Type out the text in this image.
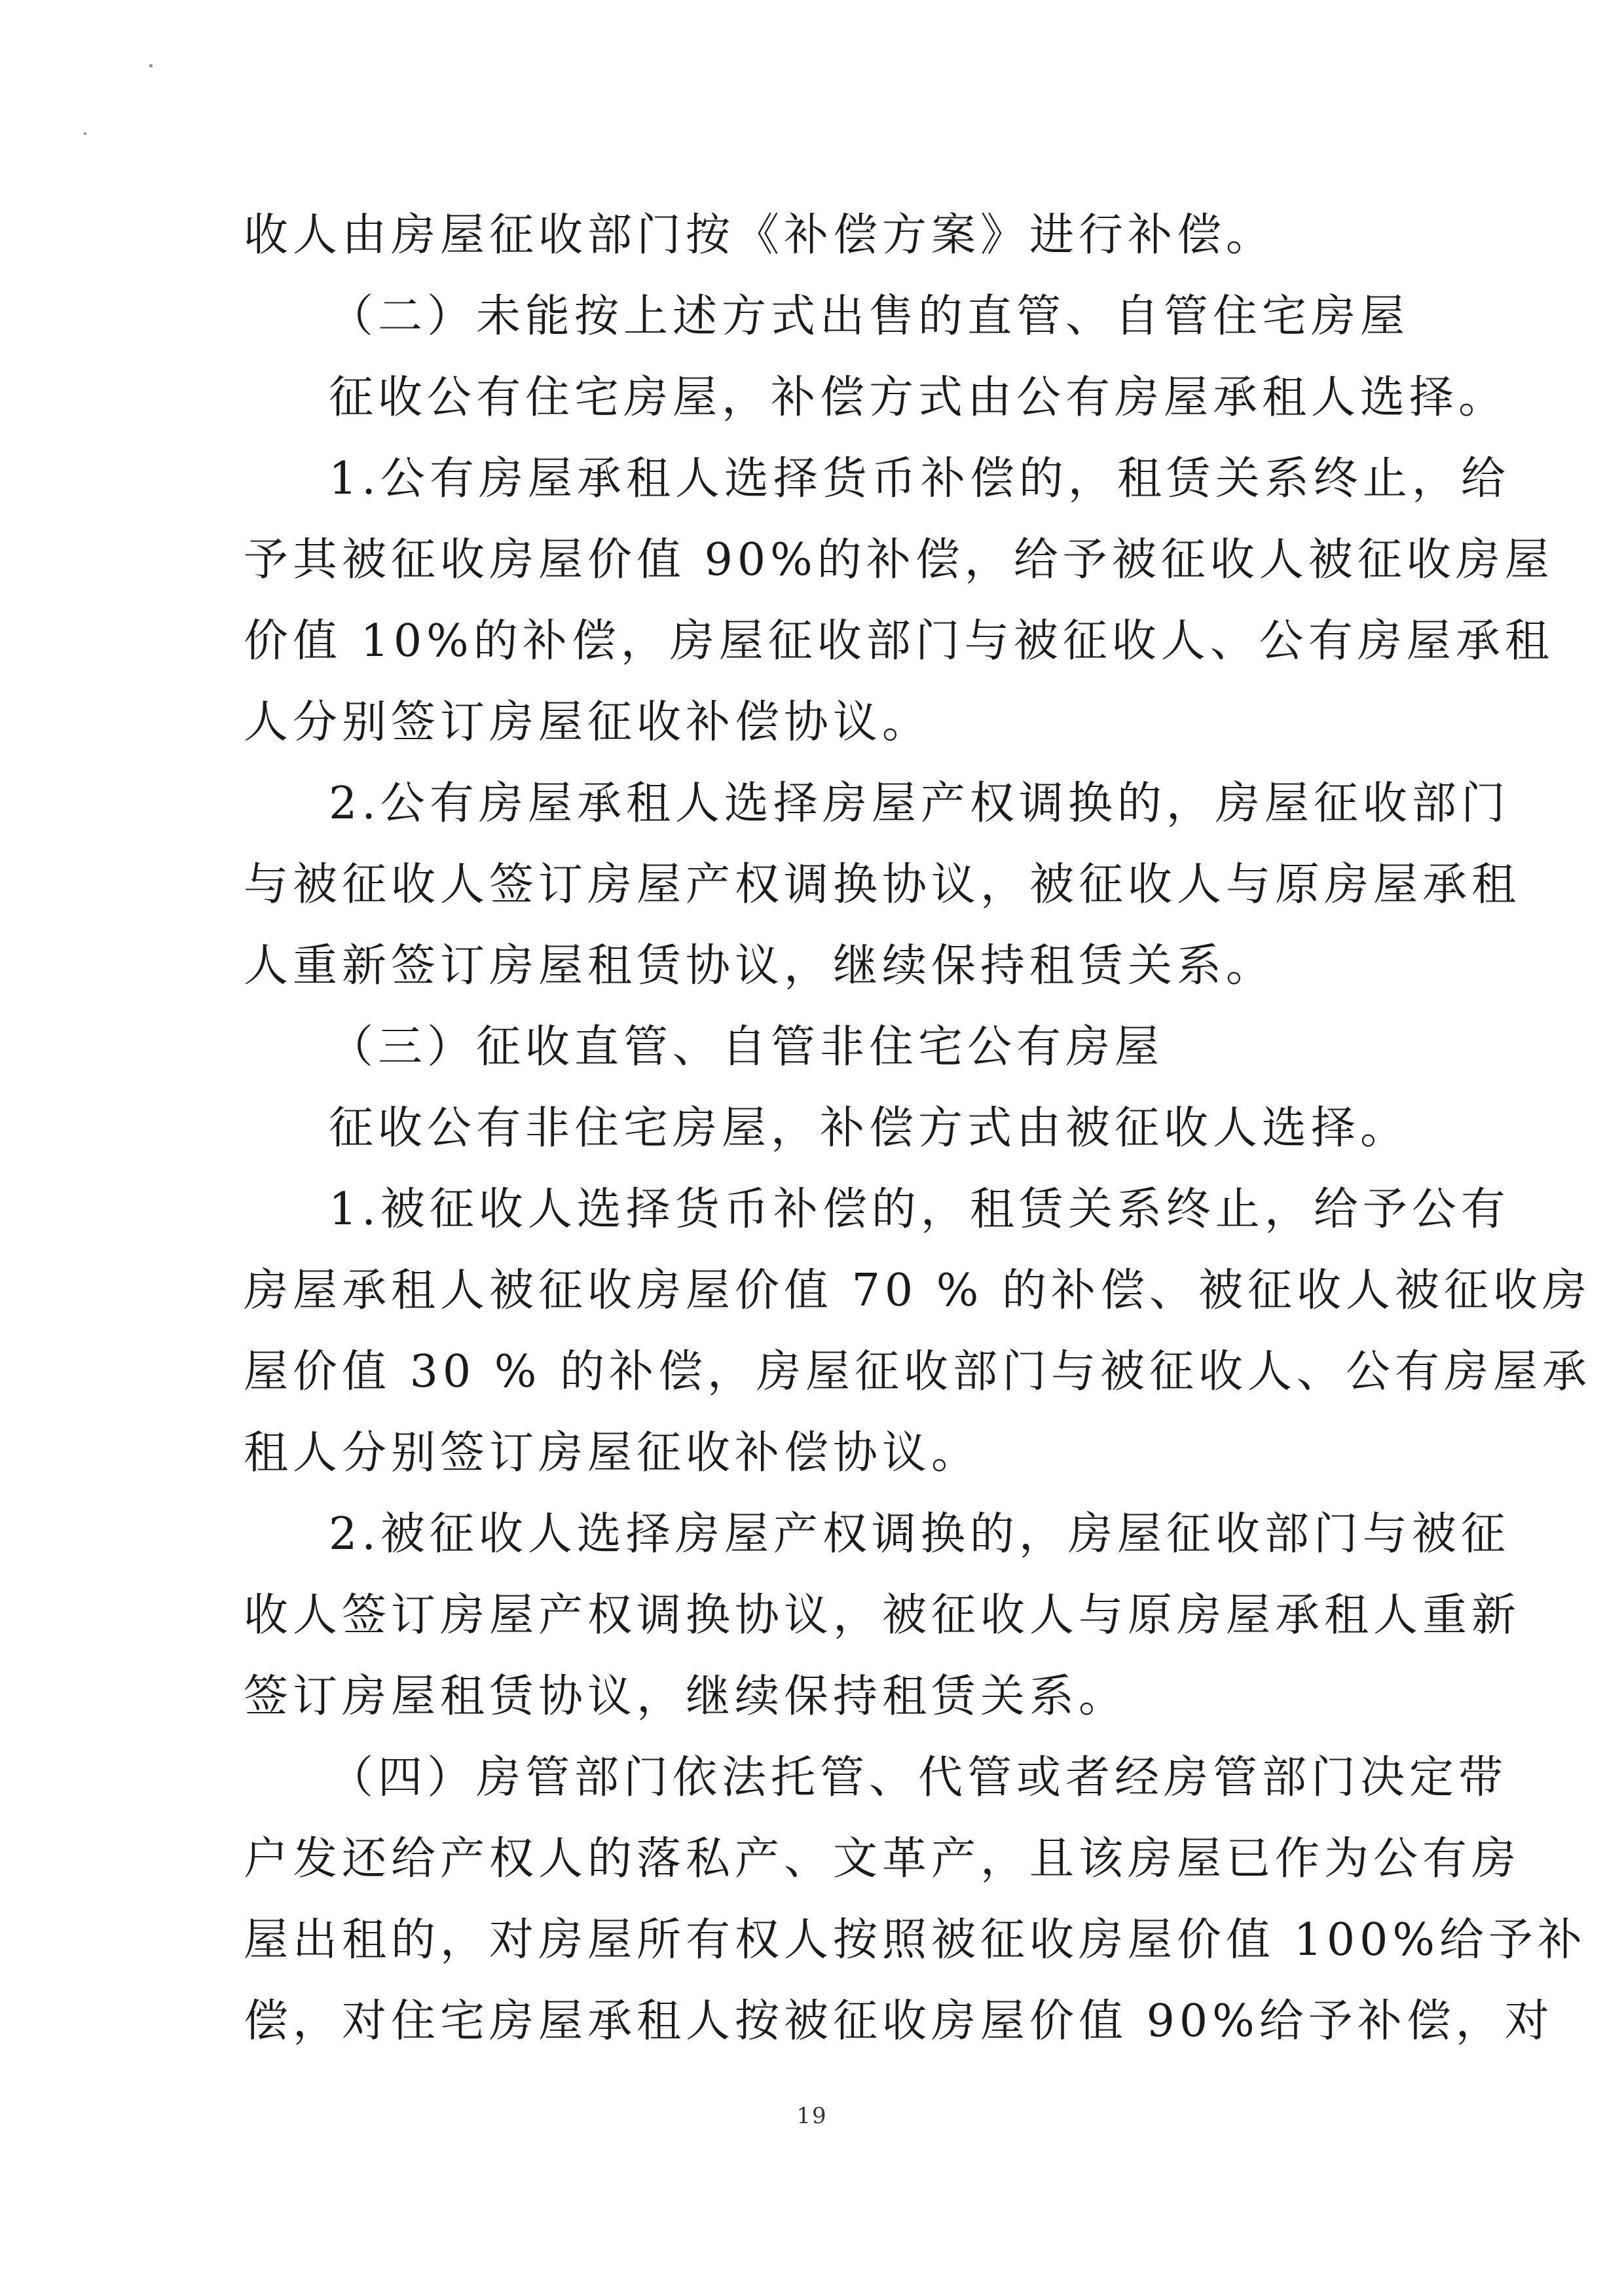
收人由房屋征收部门按《补偿方案》进行补偿。
（二）未能按上述方式出售的直管、自管住宅房屋
征收公有住宅房屋，补偿方式由公有房屋承租人选择。
1.公有房屋承租人选择货币补偿的，租赁关系终止，给
予其被征收房屋价值 90%的补偿，给予被征收人被征收房屋
价值 10%的补偿，房屋征收部门与被征收人、公有房屋承租
人分别签订房屋征收补偿协议。
2.公有房屋承租人选择房屋产权调换的，房屋征收部门
与被征收人签订房屋产权调换协议，被征收人与原房屋承租
人重新签订房屋租赁协议，继续保持租赁关系。
（三）征收直管、自管非住宅公有房屋
征收公有非住宅房屋，补偿方式由被征收人选择。
1.被征收人选择货币补偿的，租赁关系终止，给予公有
房屋承租人被征收房屋价值 70 % 的补偿、被征收人被征收房
屋价值 30 % 的补偿，房屋征收部门与被征收人、公有房屋承
租人分别签订房屋征收补偿协议。
2.被征收人选择房屋产权调换的，房屋征收部门与被征
收人签订房屋产权调换协议，被征收人与原房屋承租人重新
签订房屋租赁协议，继续保持租赁关系。
（四）房管部门依法托管、代管或者经房管部门决定带
户发还给产权人的落私产、文革产，且该房屋已作为公有房
屋出租的，对房屋所有权人按照被征收房屋价值 100%给予补
偿，对住宅房屋承租人按被征收房屋价值 90%给予补偿，对
19
